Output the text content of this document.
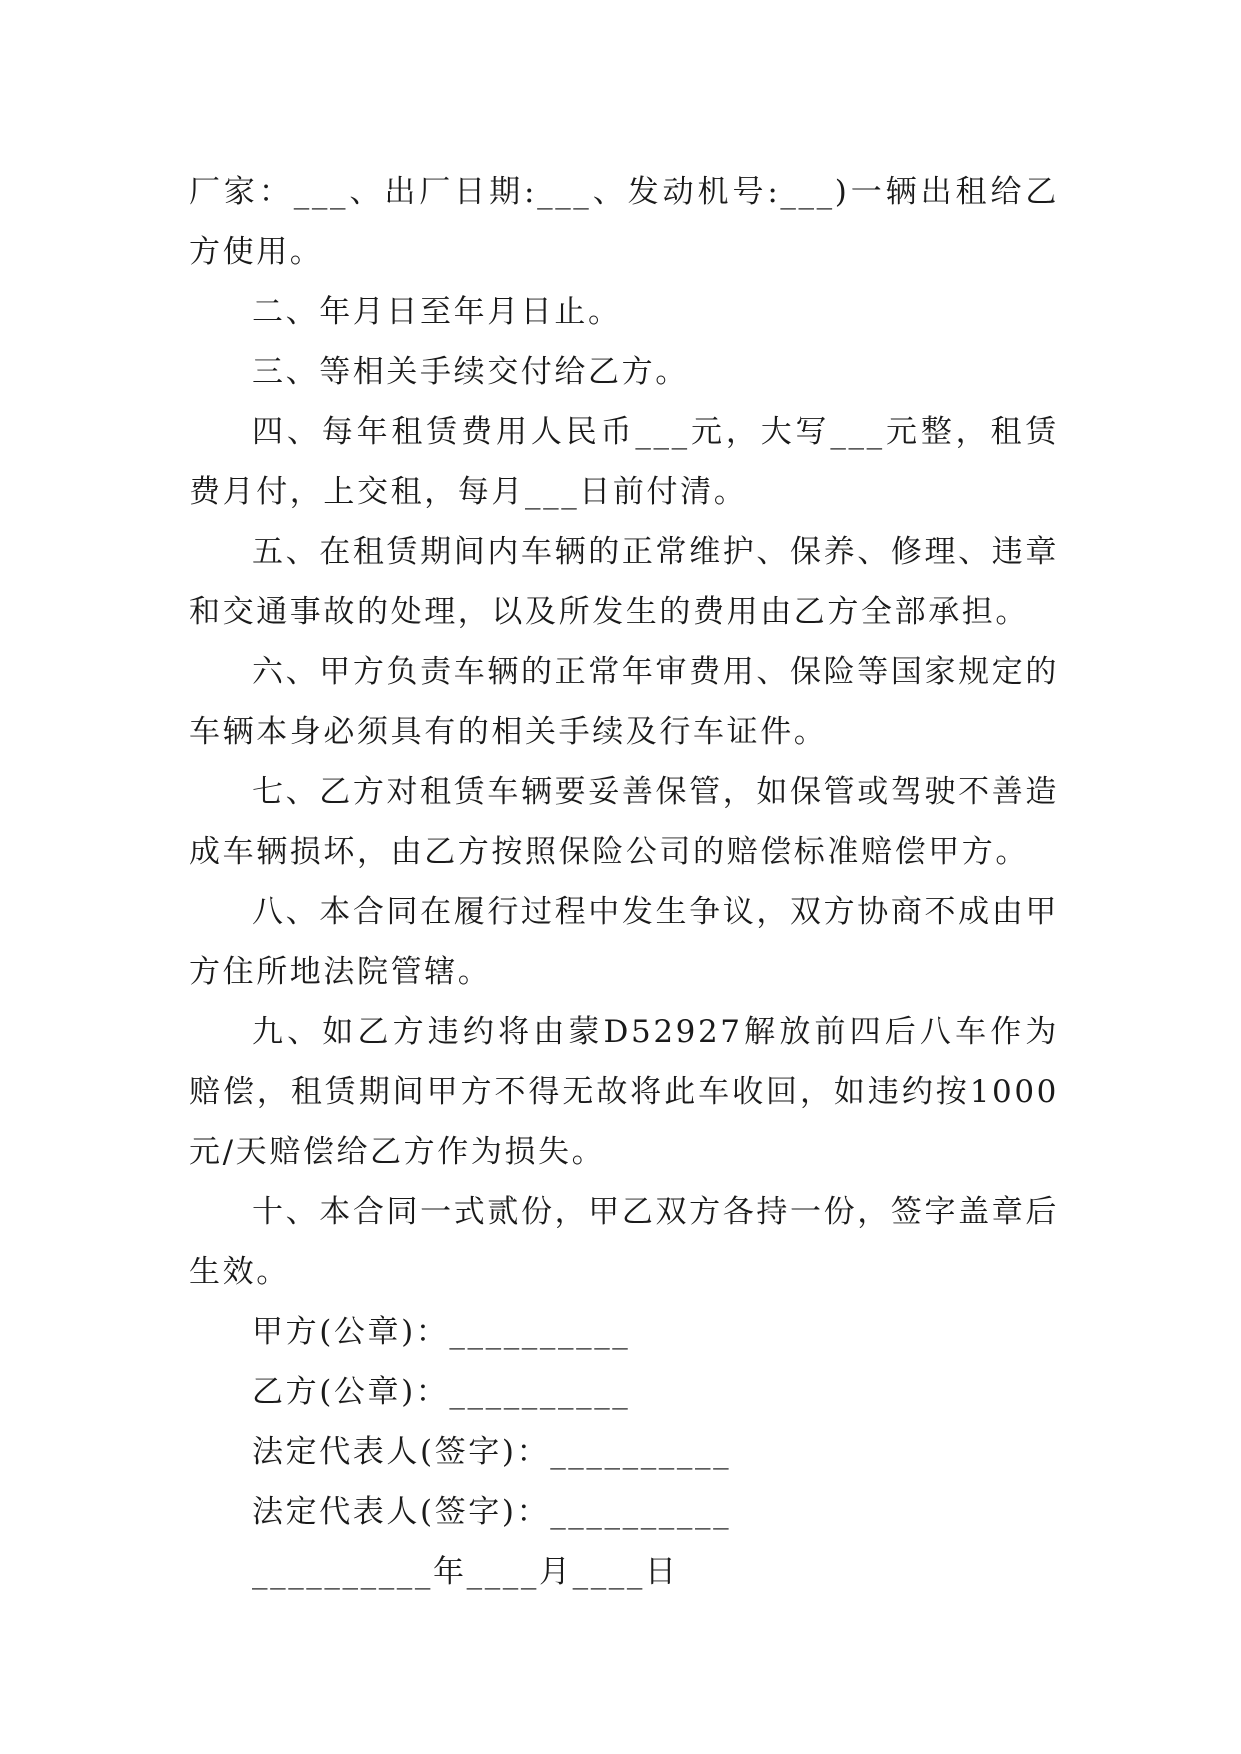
厂家：___、出厂日期:___、发动机号:___)一辆出租给乙方使用。

二、年月日至年月日止。

三、等相关手续交付给乙方。

四、每年租赁费用人民币___元，大写___元整，租赁费月付，上交租，每月___日前付清。

五、在租赁期间内车辆的正常维护、保养、修理、违章和交通事故的处理，以及所发生的费用由乙方全部承担。

六、甲方负责车辆的正常年审费用、保险等国家规定的车辆本身必须具有的相关手续及行车证件。

七、乙方对租赁车辆要妥善保管，如保管或驾驶不善造成车辆损坏，由乙方按照保险公司的赔偿标准赔偿甲方。

八、本合同在履行过程中发生争议，双方协商不成由甲方住所地法院管辖。

九、如乙方违约将由蒙D52927解放前四后八车作为赔偿，租赁期间甲方不得无故将此车收回，如违约按1000元/天赔偿给乙方作为损失。

十、本合同一式贰份，甲乙双方各持一份，签字盖章后生效。

甲方(公章)：__________

乙方(公章)：__________

法定代表人(签字)：__________

法定代表人(签字)：__________

__________年____月____日
